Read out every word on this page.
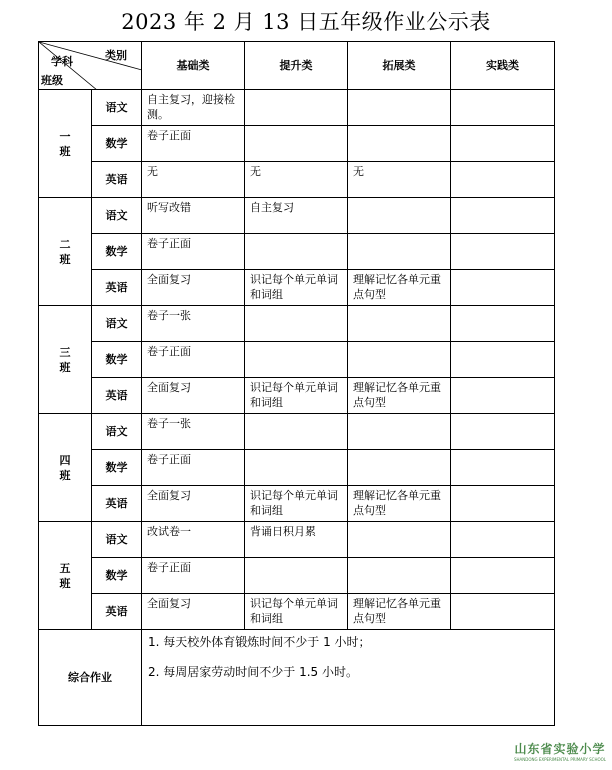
2023 年 2 月 13 日五年级作业公示表
类别
学科
班级		基础类	提升类	拓展类	实践类
一班	语文	自主复习，迎接检测。			

	数学	卷子正面			

	英语	无	无	无	

二班	语文	听写改错	自主复习		

	数学	卷子正面			

	英语	全面复习	识记每个单元单词和词组	理解记忆各单元重点句型	

三班	语文	卷子一张			

	数学	卷子正面			

	英语	全面复习	识记每个单元单词和词组	理解记忆各单元重点句型	

四班	语文	卷子一张			

	数学	卷子正面			

	英语	全面复习	识记每个单元单词和词组	理解记忆各单元重点句型	

五班	语文	改试卷一	背诵日积月累		

	数学	卷子正面			

	英语	全面复习	识记每个单元单词和词组	理解记忆各单元重点句型	

综合作业		1. 每天校外体育锻炼时间不少于 1 小时；
2. 每周居家劳动时间不少于 1.5 小时。			
山东省实验小学
SHANDONG EXPERIMENTAL PRIMARY SCHOOL
